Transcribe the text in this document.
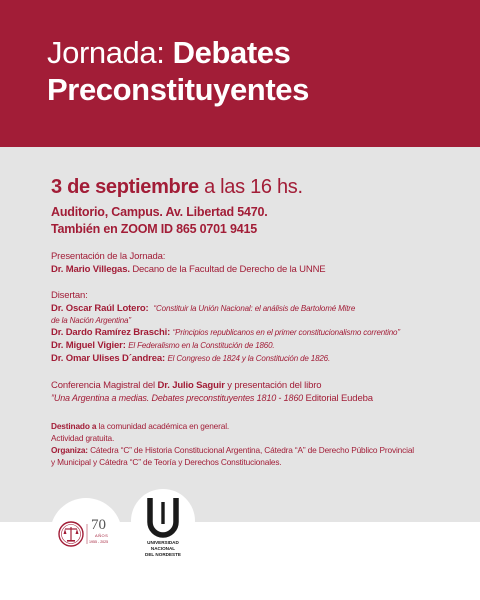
Jornada: Debates
Preconstituyentes
3 de septiembre a las 16 hs.
Auditorio, Campus. Av. Libertad 5470.
También en ZOOM ID 865 0701 9415
Presentación de la Jornada:
Dr. Mario Villegas. Decano de la Facultad de Derecho de la UNNE
Disertan:
Dr. Oscar Raúl Lotero: “Constituir la Unión Nacional: el análisis de Bartolomé Mitre
de la Nación Argentina”
Dr. Dardo Ramírez Braschi: “Principios republicanos en el primer constitucionalismo correntino”
Dr. Miguel Vigier: El Federalismo en la Constitución de 1860.
Dr. Omar Ulises D´andrea: El Congreso de 1824 y la Constitución de 1826.
Conferencia Magistral del Dr. Julio Saguir y presentación del libro
”Una Argentina a medias. Debates preconstituyentes 1810 - 1860 Editorial Eudeba
Destinado a la comunidad académica en general.
Actividad gratuita.
Organiza: Cátedra “C” de Historia Constitucional Argentina, Cátedra “A” de Derecho Público Provincial
y Municipal y Cátedra “C” de Teoría y Derechos Constitucionales.
70
AÑOS
1955 - 2025	UNIVERSIDAD
NACIONAL
DEL NORDESTE
